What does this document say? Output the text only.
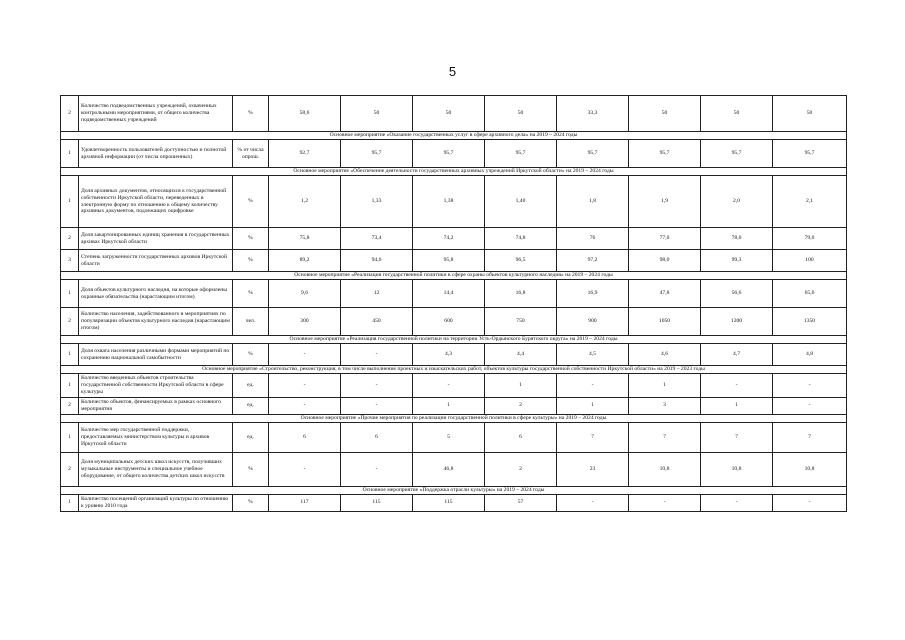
5
2	Количество подведомственных учреждений, охваченных контрольными мероприятиями, от общего количества подведомственных учреждений	%	58,6	50	50	50	33,3	50	50	50
Основное мероприятие «Оказание государственных услуг в сфере архивного дела» на 2019 – 2024 годы										
1	Удовлетворенность пользователей доступностью и полнотой архивной информации (от числа опрошенных)	% от числа опрош.	92,7	95,7	95,7	95,7	95,7	95,7	95,7	95,7
Основное мероприятие «Обеспечение деятельности государственных архивных учреждений Иркутской области» на 2019 – 2024 годы										
1	Доля архивных документов, относящихся к государственной собственности Иркутской области, переведенных в электронную форму по отношению к общему количеству архивных документов, подлежащих оцифровке	%	1,2	1,33	1,38	1,40	1,8	1,9	2,0	2,1
2	Доля закартонированных единиц хранения в государственных архивах Иркутской области	%	75,8	73,4	74,2	74,8	76	77,0	78,0	79,0
3	Степень загруженности государственных архивов Иркутской области	%	89,2	94,6	95,8	96,5	97,2	98,0	99,3	100
Основное мероприятие «Реализация государственной политики в сфере охраны объектов культурного наследия» на 2019 – 2024 годы										
1	Доля объектов культурного наследия, на которые оформлены охранные обязательства (нарастающим итогом)	%	9,6	12	14,4	16,8	16,9	47,8	56,6	65,6
2	Количество населения, задействованного в мероприятиях по популяризации объектов культурного наследия (нарастающим итогом)	чел.	300	450	600	750	900	1050	1200	1350
Основное мероприятие «Реализация государственной политики на территории Усть-Ордынского Бурятского округа» на 2019 – 2024 годы										
1	Доля охвата населения различными формами мероприятий по сохранению национальной самобытности	%	-	-	4,3	4,4	4,5	4,6	4,7	4,8
Основное мероприятие «Строительство, реконструкция, в том числе выполнение проектных и изыскательских работ, объектов культуры государственной собственности Иркутской области» на 2019 – 2023 годы										
1	Количество введенных объектов строительства государственной собственности Иркутской области в сфере культуры	ед.	-	-	-	1	-	1	-	-
2	Количество объектов, финансируемых в рамках основного мероприятия	ед.	-	-	1	2	1	3	1	-
Основное мероприятие «Прочие мероприятия по реализации государственной политики в сфере культуры» на 2019 – 2024 годы										
1	Количество мер государственной поддержки, предоставляемых министерством культуры и архивов Иркутской области	ед.	6	6	5	6	7	7	7	7
2	Доля муниципальных детских школ искусств, получивших музыкальные инструменты и специальное учебное оборудование, от общего количества детских школ искусств	%	-	-	46,8	2	23	10,8	10,8	10,8
Основное мероприятие «Поддержка отрасли культуры» на 2019 – 2024 годы										
1	Количество посещений организаций культуры по отношению к уровню 2010 года	%	117	115	115	57	-	-	-	-
